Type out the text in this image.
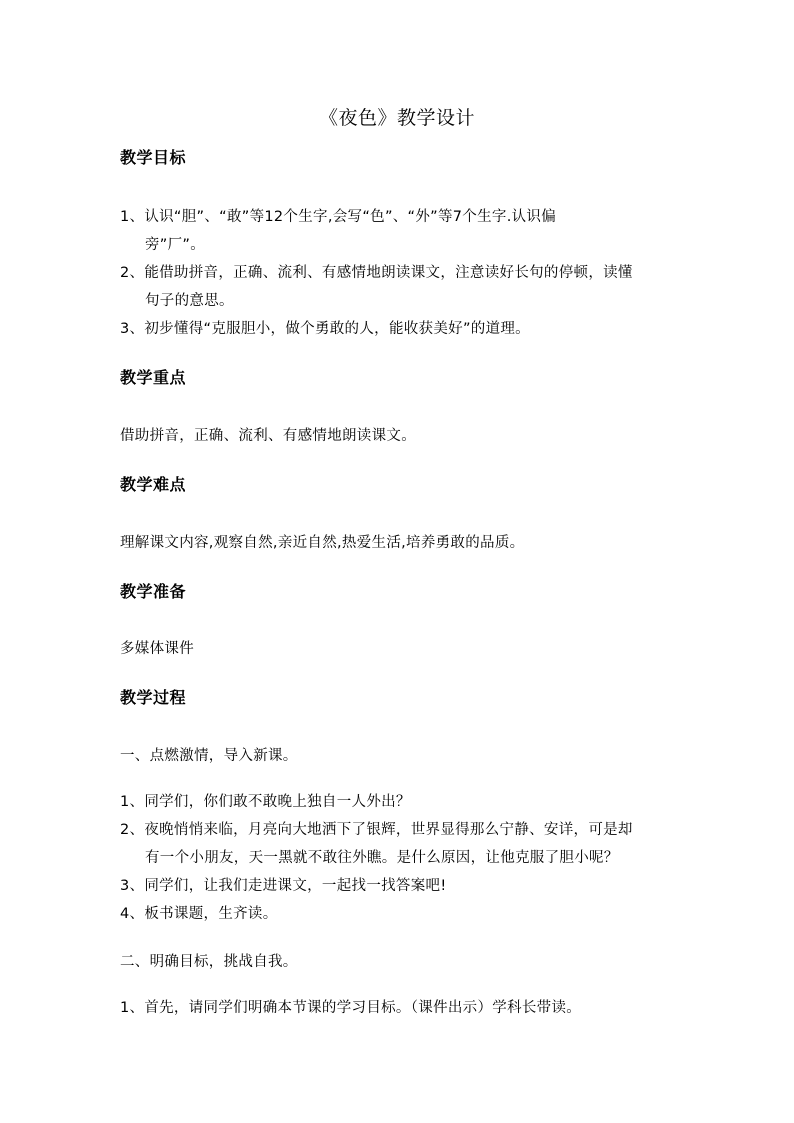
《夜色》教学设计
教学目标
1、认识“胆”、“敢”等12个生字,会写“色”、“外”等7个生字.认识偏
旁”厂”。
2、能借助拼音，正确、流利、有感情地朗读课文，注意读好长句的停顿，读懂
句子的意思。
3、初步懂得“克服胆小，做个勇敢的人，能收获美好”的道理。
教学重点
借助拼音，正确、流利、有感情地朗读课文。
教学难点
理解课文内容,观察自然,亲近自然,热爱生活,培养勇敢的品质。
教学准备
多媒体课件
教学过程
一、点燃激情，导入新课。
1、同学们，你们敢不敢晚上独自一人外出？
2、夜晚悄悄来临，月亮向大地洒下了银辉，世界显得那么宁静、安详，可是却
有一个小朋友，天一黑就不敢往外瞧。是什么原因，让他克服了胆小呢？
3、同学们，让我们走进课文，一起找一找答案吧!
4、板书课题，生齐读。
二、明确目标，挑战自我。
1、首先，请同学们明确本节课的学习目标。（课件出示）学科长带读。
